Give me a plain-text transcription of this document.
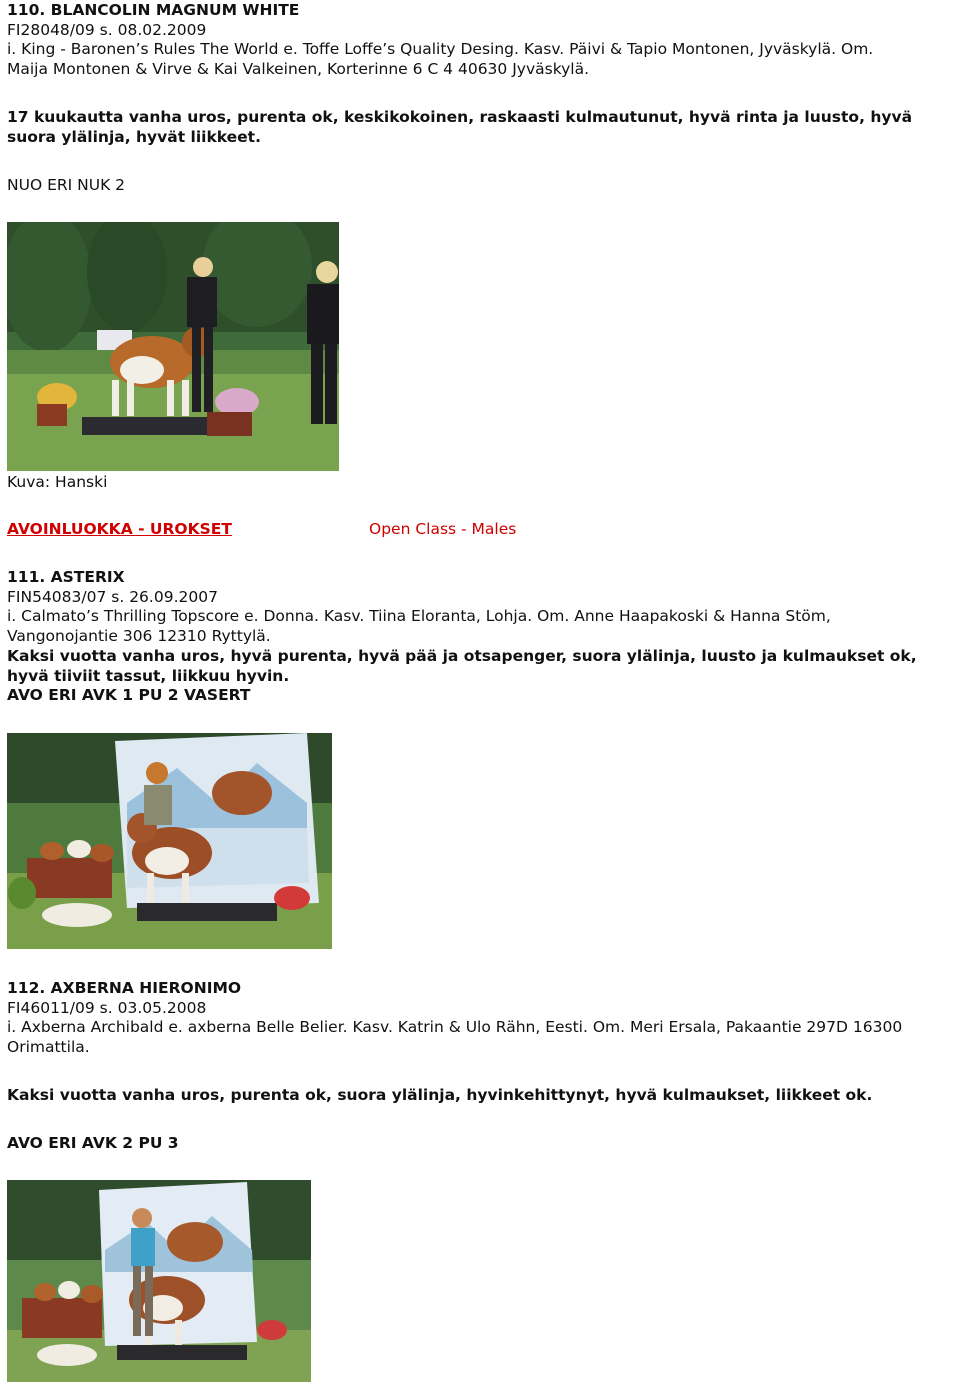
110. BLANCOLIN MAGNUM WHITE
FI28048/09 s. 08.02.2009
i. King - Baronen’s Rules The World e. Toffe Loffe’s Quality Desing. Kasv. Päivi & Tapio Montonen, Jyväskylä. Om.
Maija Montonen & Virve & Kai Valkeinen, Korterinne 6 C 4 40630 Jyväskylä.
17 kuukautta vanha uros, purenta ok, keskikokoinen, raskaasti kulmautunut, hyvä rinta ja luusto, hyvä
suora ylälinja, hyvät liikkeet.
NUO ERI NUK 2
Kuva: Hanski
AVOINLUOKKA - UROKSET	Open Class - Males
111. ASTERIX
FIN54083/07 s. 26.09.2007
i. Calmato’s Thrilling Topscore e. Donna. Kasv. Tiina Eloranta, Lohja. Om. Anne Haapakoski & Hanna Stöm,
Vangonojantie 306 12310 Ryttylä.
Kaksi vuotta vanha uros, hyvä purenta, hyvä pää ja otsapenger, suora ylälinja, luusto ja kulmaukset ok,
hyvä tiiviit tassut, liikkuu hyvin.
AVO ERI AVK 1 PU 2 VASERT
112. AXBERNA HIERONIMO
FI46011/09 s. 03.05.2008
i. Axberna Archibald e. axberna Belle Belier. Kasv. Katrin & Ulo Rähn, Eesti. Om. Meri Ersala, Pakaantie 297D 16300
Orimattila.
Kaksi vuotta vanha uros, purenta ok, suora ylälinja, hyvinkehittynyt, hyvä kulmaukset, liikkeet ok.
AVO ERI AVK 2 PU 3
